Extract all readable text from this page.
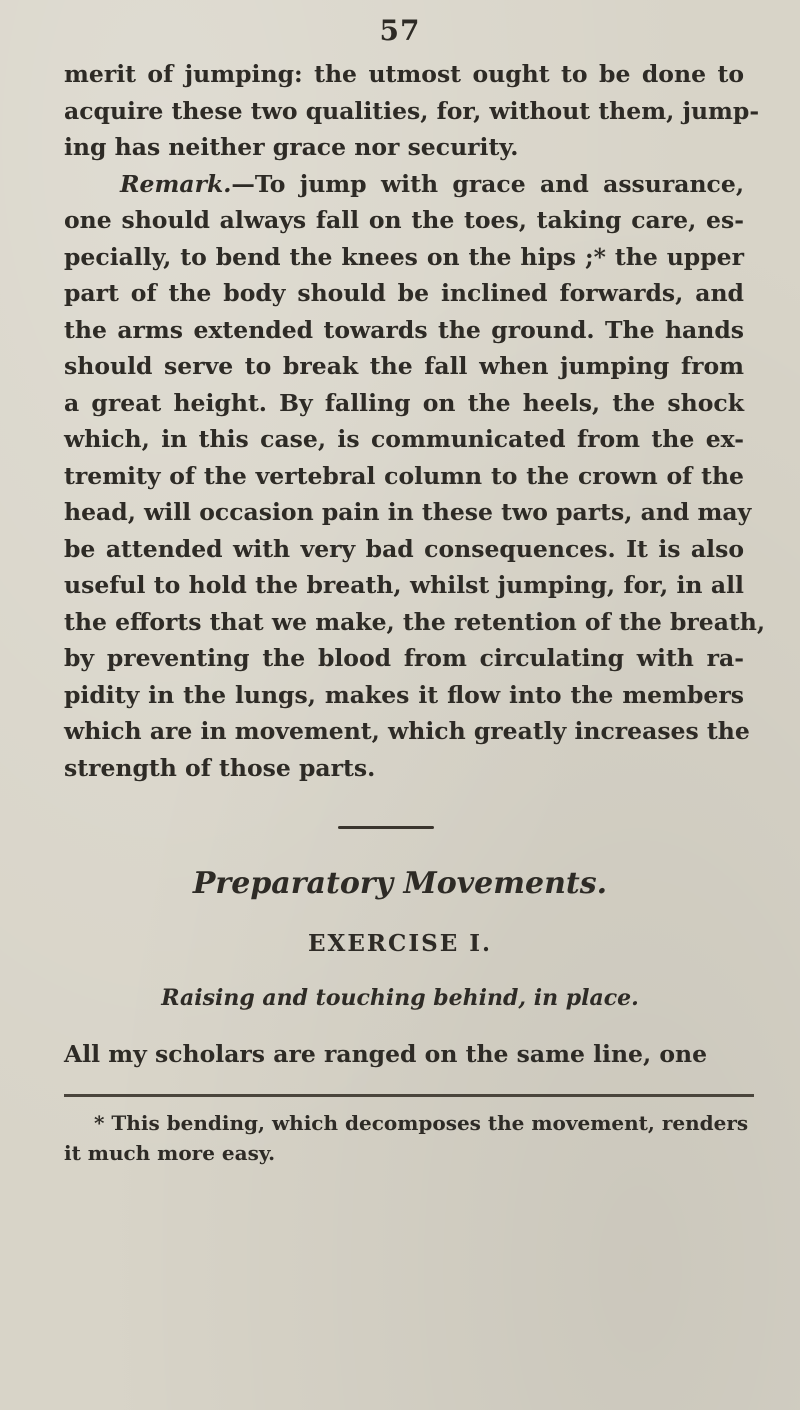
57
merit of jumping: the utmost ought to be done to
acquire these two qualities, for, without them, jump-
ing has neither grace nor security.
Remark.—To jump with grace and assurance,
one should always fall on the toes, taking care, es-
pecially, to bend the knees on the hips ;* the upper
part of the body should be inclined forwards, and
the arms extended towards the ground. The hands
should serve to break the fall when jumping from
a great height. By falling on the heels, the shock
which, in this case, is communicated from the ex-
tremity of the vertebral column to the crown of the
head, will occasion pain in these two parts, and may
be attended with very bad consequences. It is also
useful to hold the breath, whilst jumping, for, in all
the efforts that we make, the retention of the breath,
by preventing the blood from circulating with ra-
pidity in the lungs, makes it flow into the members
which are in movement, which greatly increases the
strength of those parts.
Preparatory Movements.
EXERCISE I.
Raising and touching behind, in place.
All my scholars are ranged on the same line, one
* This bending, which decomposes the movement, renders
it much more easy.
